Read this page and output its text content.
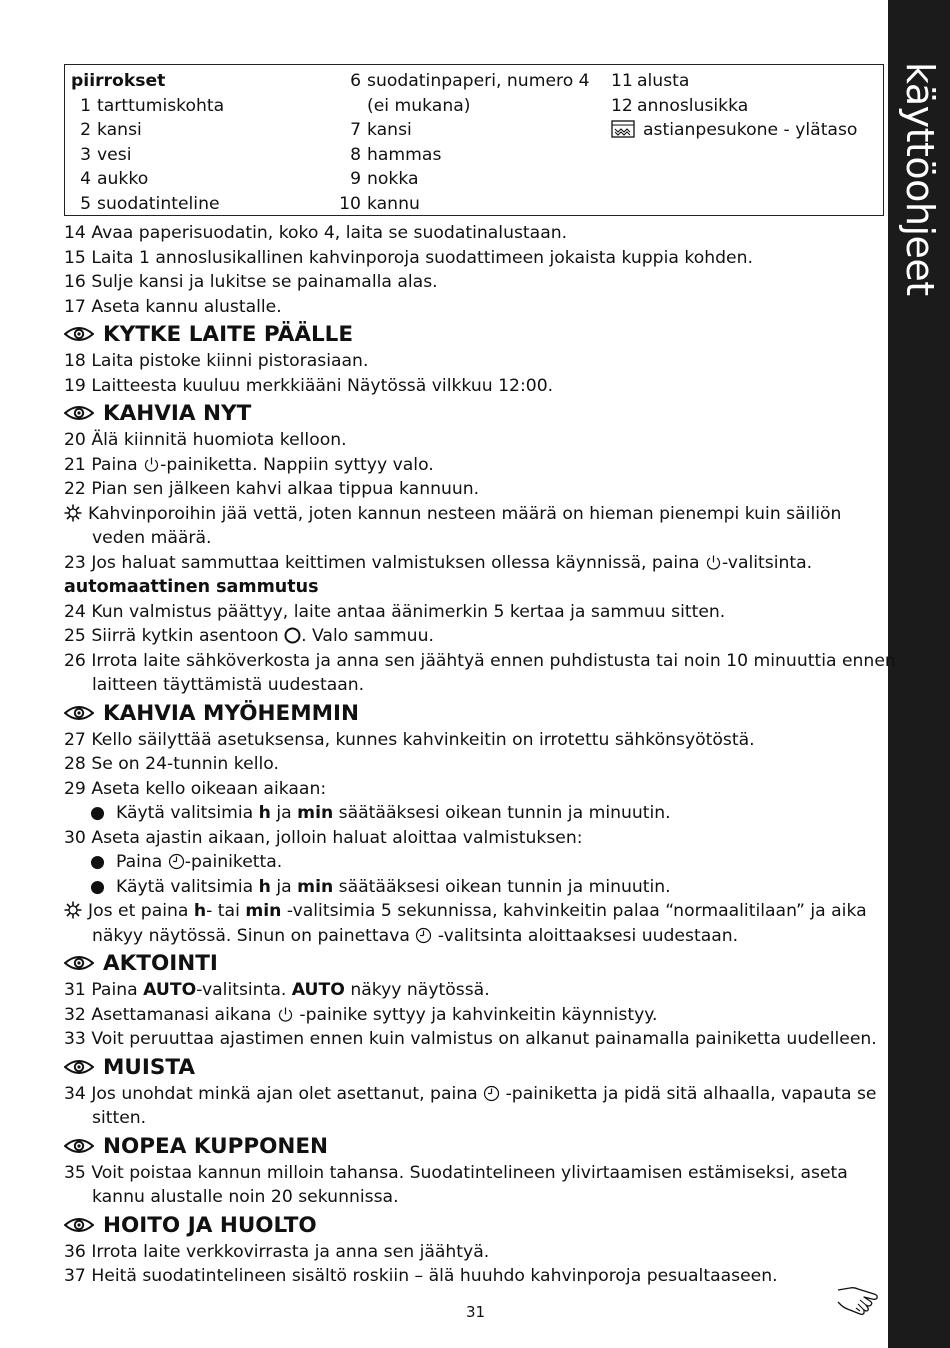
käyttöohjeet
piirrokset
1 tarttumiskohta
2 kansi
3 vesi
4 aukko
5 suodatinteline
6 suodatinpaperi, numero 4
(ei mukana)
7 kansi
8 hammas
9 nokka
10 kannu
11 alusta
12 annoslusikka
astianpesukone - ylätaso
14 Avaa paperisuodatin, koko 4, laita se suodatinalustaan.
15 Laita 1 annoslusikallinen kahvinporoja suodattimeen jokaista kuppia kohden.
16 Sulje kansi ja lukitse se painamalla alas.
17 Aseta kannu alustalle.
KYTKE LAITE PÄÄLLE
18 Laita pistoke kiinni pistorasiaan.
19 Laitteesta kuuluu merkkiääni Näytössä vilkkuu 12:00.
KAHVIA NYT
20 Älä kiinnitä huomiota kelloon.
21 Paina -painiketta. Nappiin syttyy valo.
22 Pian sen jälkeen kahvi alkaa tippua kannuun.
Kahvinporoihin jää vettä, joten kannun nesteen määrä on hieman pienempi kuin säiliön
veden määrä.
23 Jos haluat sammuttaa keittimen valmistuksen ollessa käynnissä, paina -valitsinta.
automaattinen sammutus
24 Kun valmistus päättyy, laite antaa äänimerkin 5 kertaa ja sammuu sitten.
25 Siirrä kytkin asentoon . Valo sammuu.
26 Irrota laite sähköverkosta ja anna sen jäähtyä ennen puhdistusta tai noin 10 minuuttia ennen
laitteen täyttämistä uudestaan.
KAHVIA MYÖHEMMIN
27 Kello säilyttää asetuksensa, kunnes kahvinkeitin on irrotettu sähkönsyötöstä.
28 Se on 24-tunnin kello.
29 Aseta kello oikeaan aikaan:
● Käytä valitsimia h ja min säätääksesi oikean tunnin ja minuutin.
30 Aseta ajastin aikaan, jolloin haluat aloittaa valmistuksen:
● Paina -painiketta.
● Käytä valitsimia h ja min säätääksesi oikean tunnin ja minuutin.
Jos et paina h- tai min -valitsimia 5 sekunnissa, kahvinkeitin palaa “normaalitilaan” ja aika
näkyy näytössä. Sinun on painettava  -valitsinta aloittaaksesi uudestaan.
AKTOINTI
31 Paina AUTO-valitsinta. AUTO näkyy näytössä.
32 Asettamanasi aikana  -painike syttyy ja kahvinkeitin käynnistyy.
33 Voit peruuttaa ajastimen ennen kuin valmistus on alkanut painamalla painiketta uudelleen.
MUISTA
34 Jos unohdat minkä ajan olet asettanut, paina  -painiketta ja pidä sitä alhaalla, vapauta se
sitten.
NOPEA KUPPONEN
35 Voit poistaa kannun milloin tahansa. Suodatintelineen ylivirtaamisen estämiseksi, aseta
kannu alustalle noin 20 sekunnissa.
HOITO JA HUOLTO
36 Irrota laite verkkovirrasta ja anna sen jäähtyä.
37 Heitä suodatintelineen sisältö roskiin – älä huuhdo kahvinporoja pesualtaaseen.
31
